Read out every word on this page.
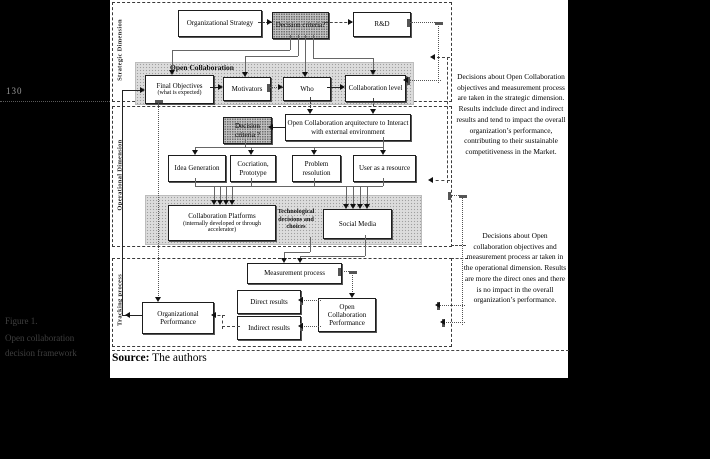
130
Figure 1.
Open collaboration
decision framework
Strategic Dimension
Operational Dimension
Tracking process
Open Collaboration
Technological decisions and choices
Organizational Strategy	Decision criteria?	R&D
Final Objectives
(what is expected)
Motivators	Who	Collaboration level
Decision criteria ?
Open Collaboration arquitecture to Interact with external environment
Idea Generation
Cocriation, Prototype
Problem resolution
User as a resource
Collaboration Platforms
(internally developed or through accelerator)
Social Media
Measurement process
Direct results
Indirect results
Open Collaboration Performance
Organizational Performance
Decisions about Open Collaboration objectives and measurement process are taken in the strategic dimension. Results indclude direct and indirect results and tend to impact the overall organization’s performance, contributing to their sustainable competitiveness in the Market.
Decisions about Open collaboration objectives and measurement process ar taken in the operational dimension. Results are more the direct ones and there is no impact in the overall organization’s performance.
Source: The authors
